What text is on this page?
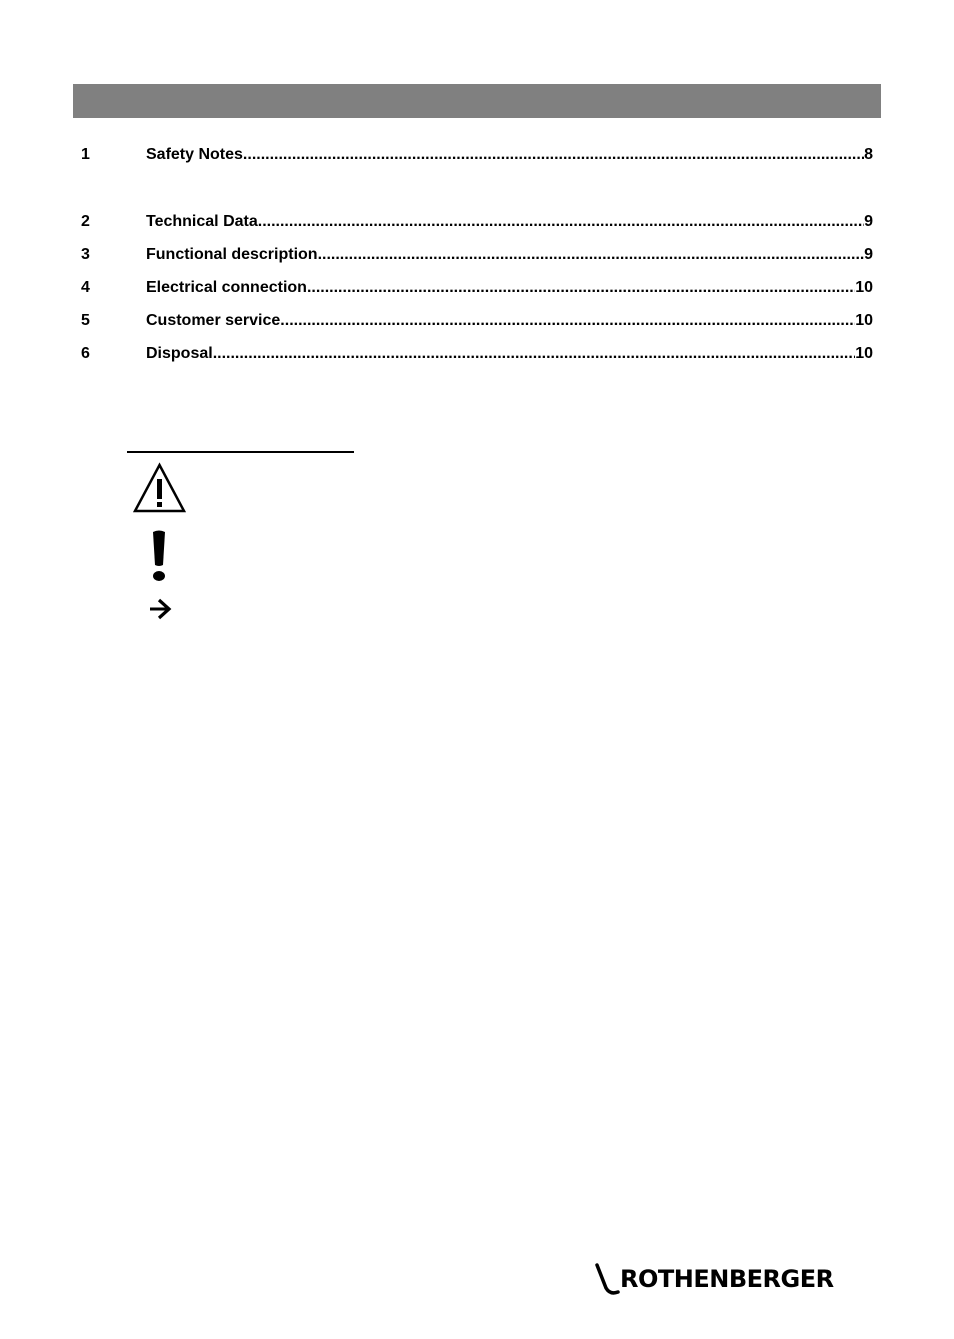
1	Safety Notes .....	8
2	Technical Data .....	9
3	Functional description .....	9
4	Electrical connection .....	10
5	Customer service .....	10
6	Disposal .....	10
ROTHENBERGER
